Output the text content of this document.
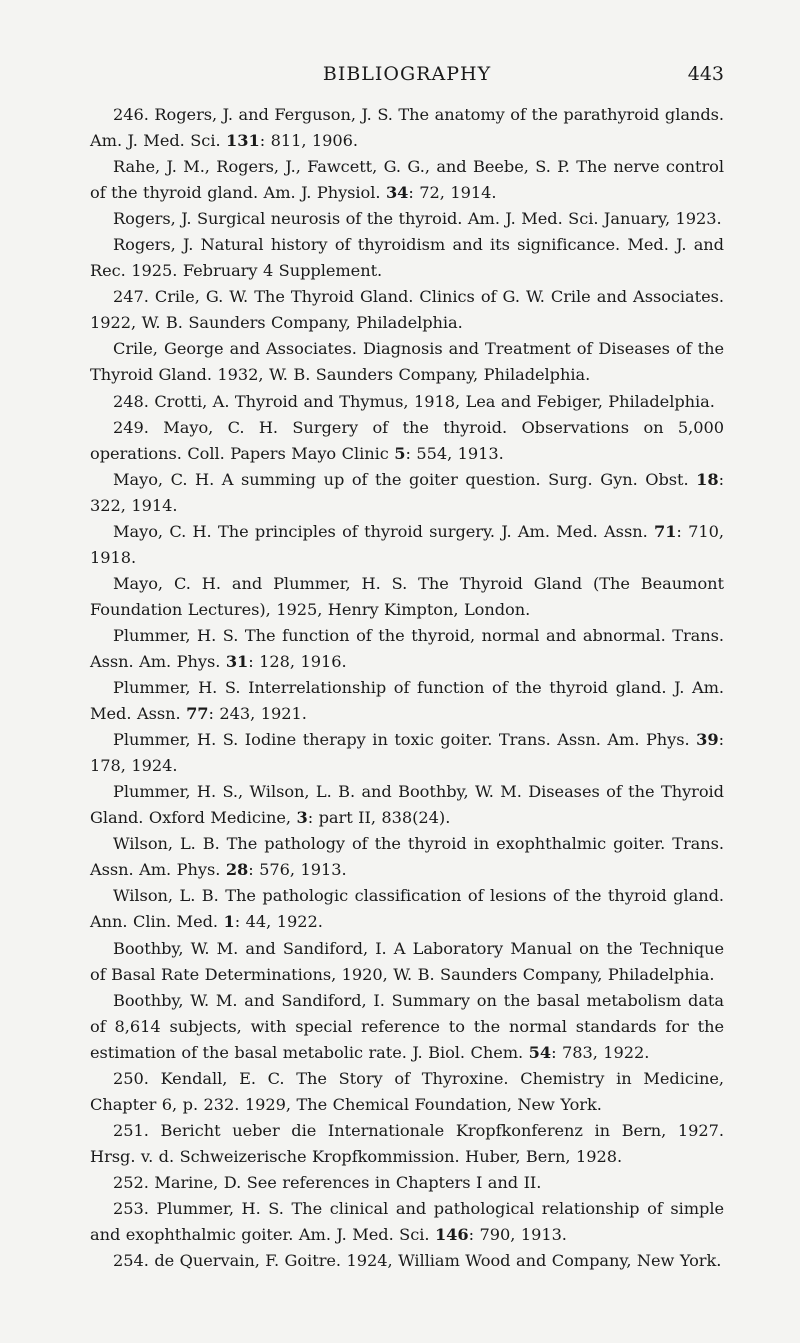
BIBLIOGRAPHY	443

246. Rogers, J. and Ferguson, J. S. The anatomy of the parathyroid glands. Am. J. Med. Sci. 131: 811, 1906.

Rahe, J. M., Rogers, J., Fawcett, G. G., and Beebe, S. P. The nerve control of the thyroid gland. Am. J. Physiol. 34: 72, 1914.

Rogers, J. Surgical neurosis of the thyroid. Am. J. Med. Sci. January, 1923.

Rogers, J. Natural history of thyroidism and its significance. Med. J. and Rec. 1925. February 4 Supplement.

247. Crile, G. W. The Thyroid Gland. Clinics of G. W. Crile and Associates. 1922, W. B. Saunders Company, Philadelphia.

Crile, George and Associates. Diagnosis and Treatment of Diseases of the Thyroid Gland. 1932, W. B. Saunders Company, Philadelphia.

248. Crotti, A. Thyroid and Thymus, 1918, Lea and Febiger, Philadelphia.

249. Mayo, C. H. Surgery of the thyroid. Observations on 5,000 operations. Coll. Papers Mayo Clinic 5: 554, 1913.

Mayo, C. H. A summing up of the goiter question. Surg. Gyn. Obst. 18: 322, 1914.

Mayo, C. H. The principles of thyroid surgery. J. Am. Med. Assn. 71: 710, 1918.

Mayo, C. H. and Plummer, H. S. The Thyroid Gland (The Beaumont Foundation Lectures), 1925, Henry Kimpton, London.

Plummer, H. S. The function of the thyroid, normal and abnormal. Trans. Assn. Am. Phys. 31: 128, 1916.

Plummer, H. S. Interrelationship of function of the thyroid gland. J. Am. Med. Assn. 77: 243, 1921.

Plummer, H. S. Iodine therapy in toxic goiter. Trans. Assn. Am. Phys. 39: 178, 1924.

Plummer, H. S., Wilson, L. B. and Boothby, W. M. Diseases of the Thyroid Gland. Oxford Medicine, 3: part II, 838(24).

Wilson, L. B. The pathology of the thyroid in exophthalmic goiter. Trans. Assn. Am. Phys. 28: 576, 1913.

Wilson, L. B. The pathologic classification of lesions of the thyroid gland. Ann. Clin. Med. 1: 44, 1922.

Boothby, W. M. and Sandiford, I. A Laboratory Manual on the Technique of Basal Rate Determinations, 1920, W. B. Saunders Company, Philadelphia.

Boothby, W. M. and Sandiford, I. Summary on the basal metabolism data of 8,614 subjects, with special reference to the normal standards for the estimation of the basal metabolic rate. J. Biol. Chem. 54: 783, 1922.

250. Kendall, E. C. The Story of Thyroxine. Chemistry in Medicine, Chapter 6, p. 232. 1929, The Chemical Foundation, New York.

251. Bericht ueber die Internationale Kropfkonferenz in Bern, 1927. Hrsg. v. d. Schweizerische Kropfkommission. Huber, Bern, 1928.

252. Marine, D. See references in Chapters I and II.

253. Plummer, H. S. The clinical and pathological relationship of simple and exophthalmic goiter. Am. J. Med. Sci. 146: 790, 1913.

254. de Quervain, F. Goitre. 1924, William Wood and Company, New York.
